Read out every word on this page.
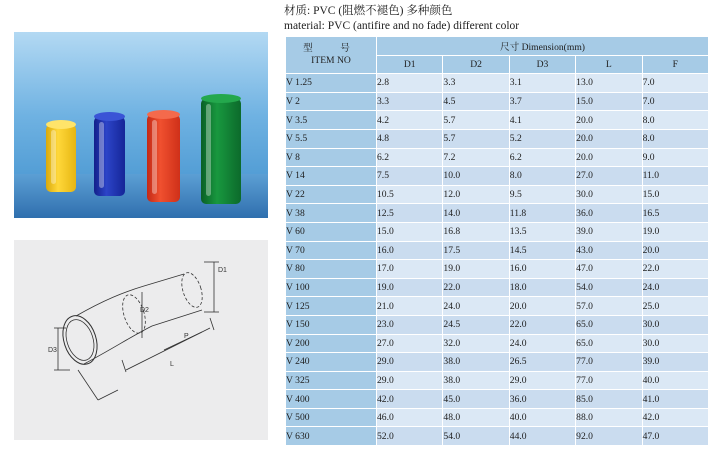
D1
D2
D3
P
L
材质: PVC (阻燃不褪色) 多种颜色
material: PVC (antifire and no fade) different color
型　号
ITEM NO	尺寸 Dimension(mm)				
	D1	D2	D3	L	F
V 1.25	2.8	3.3	3.1	13.0	7.0
V 2	3.3	4.5	3.7	15.0	7.0
V 3.5	4.2	5.7	4.1	20.0	8.0
V 5.5	4.8	5.7	5.2	20.0	8.0
V 8	6.2	7.2	6.2	20.0	9.0
V 14	7.5	10.0	8.0	27.0	11.0
V 22	10.5	12.0	9.5	30.0	15.0
V 38	12.5	14.0	11.8	36.0	16.5
V 60	15.0	16.8	13.5	39.0	19.0
V 70	16.0	17.5	14.5	43.0	20.0
V 80	17.0	19.0	16.0	47.0	22.0
V 100	19.0	22.0	18.0	54.0	24.0
V 125	21.0	24.0	20.0	57.0	25.0
V 150	23.0	24.5	22.0	65.0	30.0
V 200	27.0	32.0	24.0	65.0	30.0
V 240	29.0	38.0	26.5	77.0	39.0
V 325	29.0	38.0	29.0	77.0	40.0
V 400	42.0	45.0	36.0	85.0	41.0
V 500	46.0	48.0	40.0	88.0	42.0
V 630	52.0	54.0	44.0	92.0	47.0
